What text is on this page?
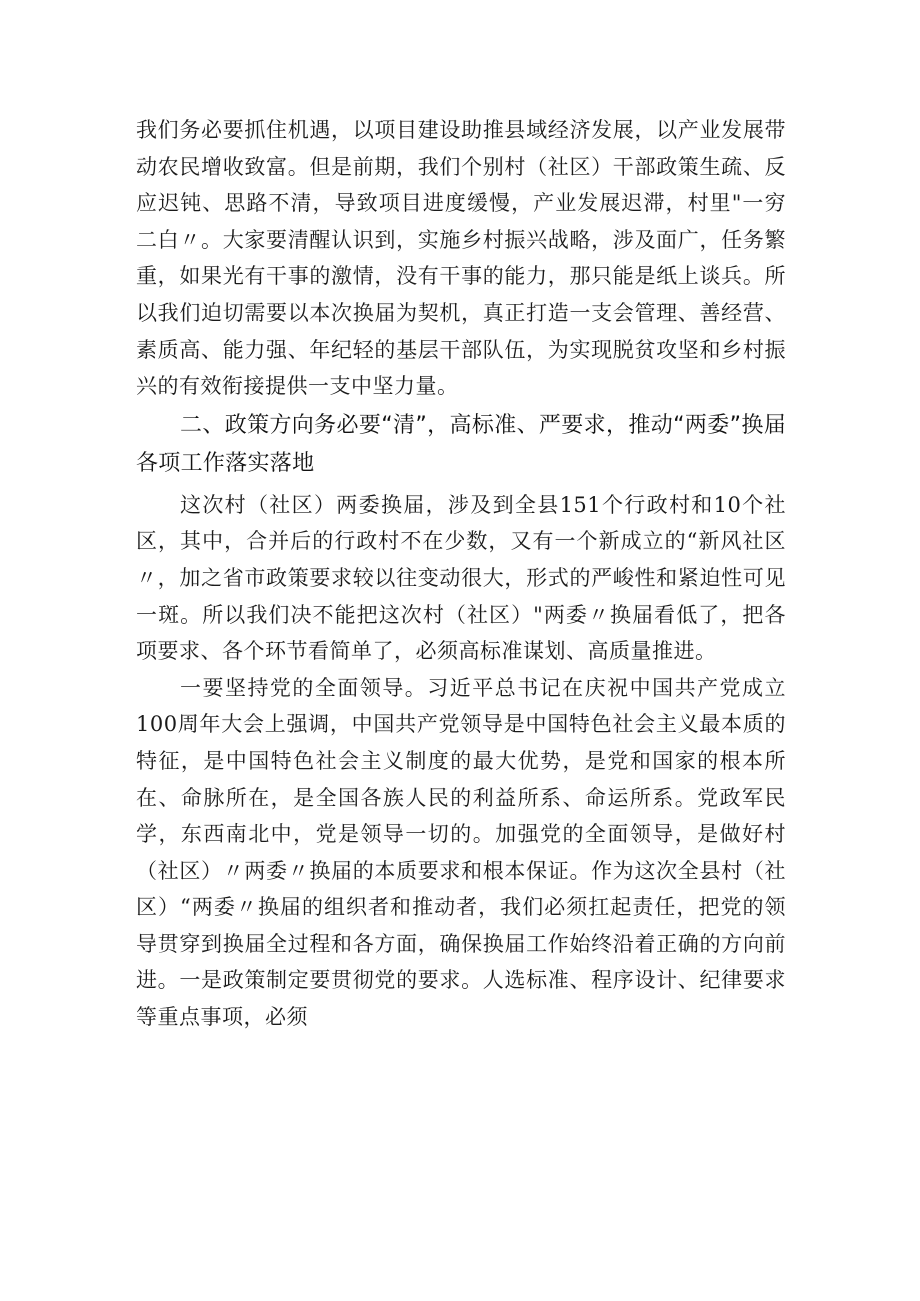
我们务必要抓住机遇，以项目建设助推县域经济发展，以产业发展带动农民增收致富。但是前期，我们个别村（社区）干部政策生疏、反应迟钝、思路不清，导致项目进度缓慢，产业发展迟滞，村里"一穷二白〃。大家要清醒认识到，实施乡村振兴战略，涉及面广，任务繁重，如果光有干事的激情，没有干事的能力，那只能是纸上谈兵。所以我们迫切需要以本次换届为契机，真正打造一支会管理、善经营、素质高、能力强、年纪轻的基层干部队伍，为实现脱贫攻坚和乡村振兴的有效衔接提供一支中坚力量。

二、政策方向务必要“清”，高标准、严要求，推动“两委”换届各项工作落实落地

这次村（社区）两委换届，涉及到全县151个行政村和10个社区，其中，合并后的行政村不在少数，又有一个新成立的“新风社区〃，加之省市政策要求较以往变动很大，形式的严峻性和紧迫性可见一斑。所以我们决不能把这次村（社区）"两委〃换届看低了，把各项要求、各个环节看简单了，必须高标准谋划、高质量推进。

一要坚持党的全面领导。习近平总书记在庆祝中国共产党成立100周年大会上强调，中国共产党领导是中国特色社会主义最本质的特征，是中国特色社会主义制度的最大优势，是党和国家的根本所在、命脉所在，是全国各族人民的利益所系、命运所系。党政军民学，东西南北中，党是领导一切的。加强党的全面领导，是做好村（社区）〃两委〃换届的本质要求和根本保证。作为这次全县村（社区）“两委〃换届的组织者和推动者，我们必须扛起责任，把党的领导贯穿到换届全过程和各方面，确保换届工作始终沿着正确的方向前进。一是政策制定要贯彻党的要求。人选标准、程序设计、纪律要求等重点事项，必须
